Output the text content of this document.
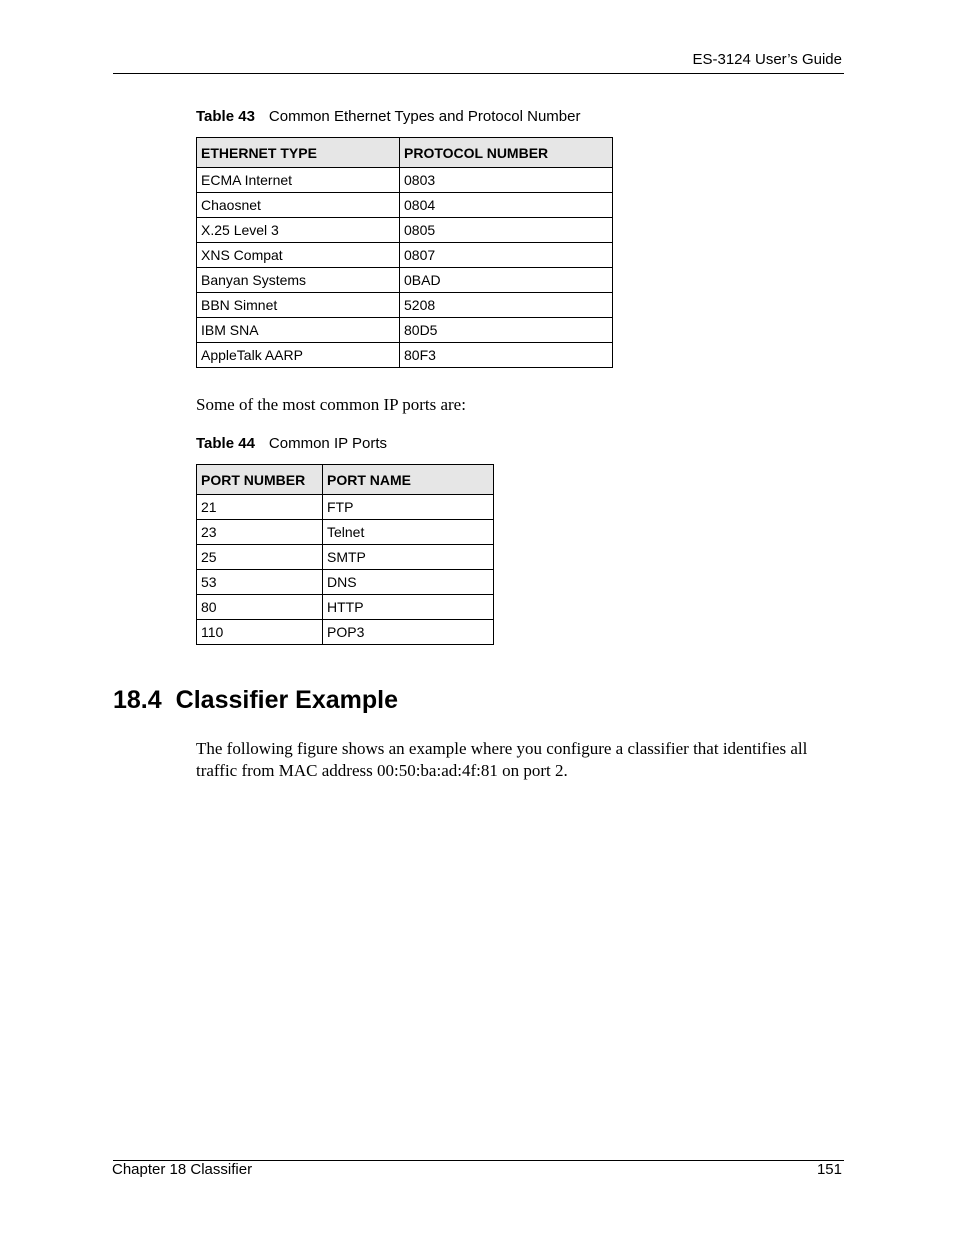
ES-3124 User’s Guide
Table 43 Common Ethernet Types and Protocol Number
ETHERNET TYPE	PROTOCOL NUMBER
ECMA Internet	0803
Chaosnet	0804
X.25 Level 3	0805
XNS Compat	0807
Banyan Systems	0BAD
BBN Simnet	5208
IBM SNA	80D5
AppleTalk AARP	80F3
Some of the most common IP ports are:
Table 44 Common IP Ports
PORT NUMBER	PORT NAME
21	FTP
23	Telnet
25	SMTP
53	DNS
80	HTTP
110	POP3
18.4 Classifier Example
The following figure shows an example where you configure a classifier that identifies all
traffic from MAC address 00:50:ba:ad:4f:81 on port 2.
Chapter 18 Classifier	151
